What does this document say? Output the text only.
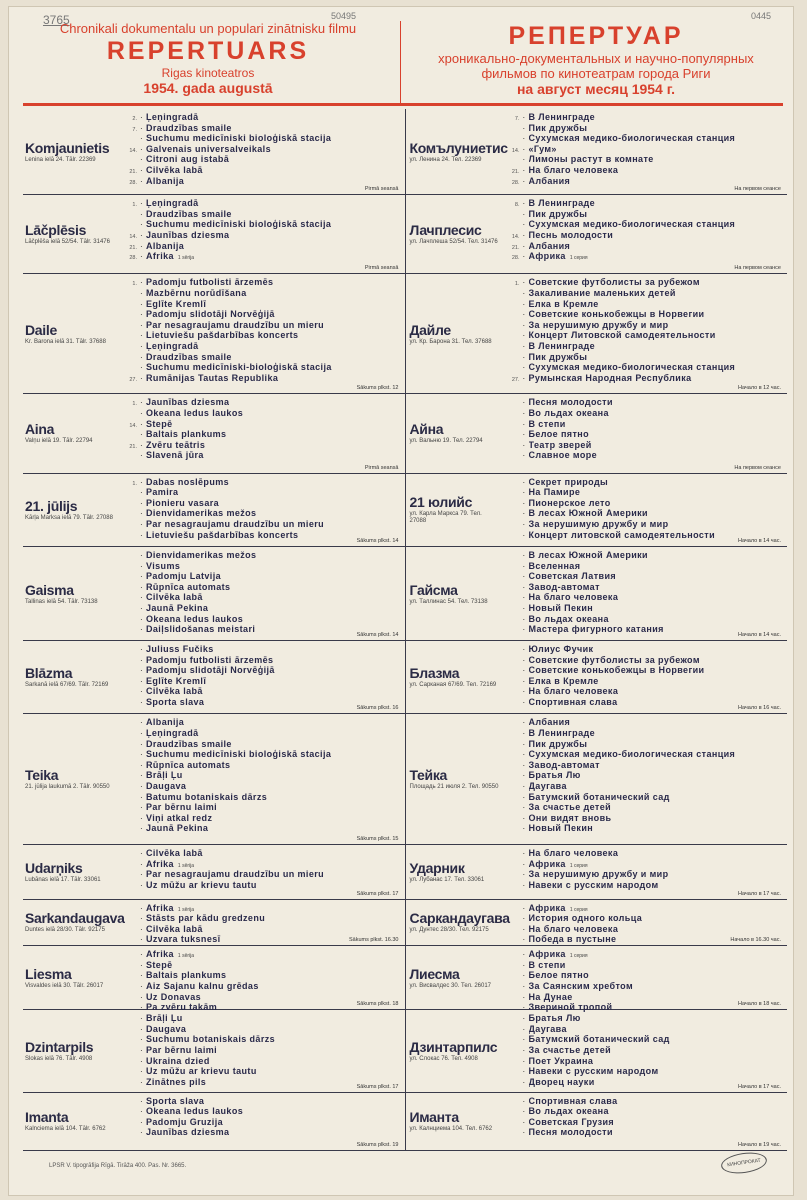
3765	50495	0445
Chronikali dokumentalu un populari zinātnisku filmu
REPERTUARS
Rigas kinoteatros
1954. gada augustā
РЕПЕРТУАР
хроникально-документальных и научно-популярных
фильмов по кинотеатрам города Риги
на август месяц 1954 г.
Komjaunietis
Lenina ielā 24. Tālr. 22369
2. · Ļeņingradā
7. · Draudzības smaile
· Suchumu medicīniski bioloģiskā stacija
14. · Galvenais universalveikals
· Citroni aug istabā
21. · Cilvēka labā
28. · Albanija
Pirmā seansā
Комълуниетис
ул. Ленина 24. Тел. 22369
7. · В Ленинграде
· Пик дружбы
· Сухумская медико-биологическая станция
14. · «Гум»
· Лимоны растут в комнате
21. · На благо человека
28. · Албания
На первом сеансе
Lāčplēsis
Lāčplēša ielā 52/54. Tālr. 31476
1. · Ļeņingradā
· Draudzības smaile
· Suchumu medicīniski bioloģiskā stacija
14. · Jaunības dziesma
21. · Albanija
28. · Afrika 1 sērija
Pirmā seansā
Лачплесис
ул. Лачплеша 52/54. Тел. 31476
8. · В Ленинграде
· Пик дружбы
· Сухумская медико-биологическая станция
14. · Песнь молодости
21. · Албания
28. · Африка 1 серия
На первом сеансе
Daile
Kr. Barona ielā 31. Tālr. 37688
1. · Padomju futbolisti ārzemēs
· Mazbērnu norūdīšana
· Eglīte Kremlī
· Padomju slidotāji Norvēģijā
· Par nesagraujamu draudzību un mieru
· Lietuviešu pašdarbības koncerts
· Ļeņingradā
· Draudzības smaile
· Suchumu medicīniski-bioloģiskā stacija
27. · Rumānijas Tautas Republika
Sākums plkst. 12
Дайле
ул. Кр. Барона 31. Тел. 37688
1. · Советские футболисты за рубежом
· Закаливание маленьких детей
· Елка в Кремле
· Советские конькобежцы в Норвегии
· За нерушимую дружбу и мир
· Концерт Литовской самодеятельности
· В Ленинграде
· Пик дружбы
· Сухумская медико-биологическая станция
27. · Румынская Народная Республика
Начало в 12 час.
Aina
Valņu ielā 19. Tālr. 22794
1. · Jaunības dziesma
· Okeana ledus laukos
14. · Stepē
· Baltais plankums
21. · Zvēru teātris
· Slavenā jūra
Pirmā seansā
Айна
ул. Вальню 19. Тел. 22794
· Песня молодости
· Во льдах океана
· В степи
· Белое пятно
· Театр зверей
· Славное море
На первом сеансе
21. jūlijs
Kārļa Marksa ielā 79. Tālr. 27088
1. · Dabas noslēpums
· Pamira
· Pionieru vasara
· Dienvidamerikas mežos
· Par nesagraujamu draudzību un mieru
· Lietuviešu pašdarbības koncerts
Sākums plkst. 14
21 юлийс
ул. Карла Маркса 79. Тел. 27088
· Секрет природы
· На Памире
· Пионерское лето
· В лесах Южной Америки
· За нерушимую дружбу и мир
· Концерт литовской самодеятельности
Начало в 14 час.
Gaisma
Tallinas ielā 54. Tālr. 73138
· Dienvidamerikas mežos
· Visums
· Padomju Latvija
· Rūpnīca automats
· Cilvēka labā
· Jaunā Pekina
· Okeana ledus laukos
· Daiļslidošanas meistari
Sākums plkst. 14
Гайсма
ул. Таллинас 54. Тел. 73138
· В лесах Южной Америки
· Вселенная
· Советская Латвия
· Завод-автомат
· На благо человека
· Новый Пекин
· Во льдах океана
· Мастера фигурного катания
Начало в 14 час.
Blāzma
Sarkanā ielā 67/69. Tālr. 72169
· Juliuss Fučiks
· Padomju futbolisti ārzemēs
· Padomju slidotāji Norvēģijā
· Eglīte Kremlī
· Cilvēka labā
· Sporta slava
Sākums plkst. 16
Блазма
ул. Сарканая 67/69. Тел. 72169
· Юлиус Фучик
· Советские футболисты за рубежом
· Советские конькобежцы в Норвегии
· Елка в Кремле
· На благо человека
· Спортивная слава
Начало в 16 час.
Teika
21. jūlija laukumā 2. Tālr. 90550
· Albanija
· Ļeņingradā
· Draudzības smaile
· Suchumu medicīniski bioloģiskā stacija
· Rūpnīca automats
· Brāļi Ļu
· Daugava
· Batumu botaniskais dārzs
· Par bērnu laimi
· Viņi atkal redz
· Jaunā Pekina
Sākums plkst. 15
Тейка
Площадь 21 июля 2. Тел. 90550
· Албания
· В Ленинграде
· Пик дружбы
· Сухумская медико-биологическая станция
· Завод-автомат
· Братья Лю
· Даугава
· Батумский ботанический сад
· За счастье детей
· Они видят вновь
· Новый Пекин
Udarņiks
Lubānas ielā 17. Tālr. 33061
· Cilvēka labā
· Afrika 1 sērija
· Par nesagraujamu draudzību un mieru
· Uz mūžu ar krievu tautu
Sākums plkst. 17
Ударник
ул. Лубанас 17. Тел. 33061
· На благо человека
· Африка 1 серия
· За нерушимую дружбу и мир
· Навеки с русским народом
Начало в 17 час.
Sarkandaugava
Duntes ielā 28/30. Tālr. 92175
· Afrika 1 sērija
· Stāsts par kādu gredzenu
· Cilvēka labā
· Uzvara tuksnesī	Sākums plkst. 16.30
Саркандаугава
ул. Дунтес 28/30. Тел. 92175
· Африка 1 серия
· История одного кольца
· На благо человека
· Победа в пустыне	Начало в 16.30 час.
Liesma
Visvaldes ielā 30. Tālr. 26017
· Afrika 1 sērija
· Stepē
· Baltais plankums
· Aiz Sajanu kalnu grēdas
· Uz Donavas
· Pa zvēru takām	Sākums plkst. 18
Лиесма
ул. Висвалдес 30. Тел. 26017
· Африка 1 серия
· В степи
· Белое пятно
· За Саянским хребтом
· На Дунае
· Звериной тропой	Начало в 18 час.
Dzintarpils
Slokas ielā 76. Tālr. 4908
· Brāļi Ļu
· Daugava
· Suchumu botaniskais dārzs
· Par bērnu laimi
· Ukraina dzied
· Uz mūžu ar krievu tautu
· Zinātnes pils	Sākums plkst. 17
Дзинтарпилс
ул. Слокас 76. Тел. 4908
· Братья Лю
· Даугава
· Батумский ботанический сад
· За счастье детей
· Поет Украина
· Навеки с русским народом
· Дворец науки	Начало в 17 час.
Imanta
Kalnciema ielā 104. Tālr. 6762
· Sporta slava
· Okeana ledus laukos
· Padomju Gruzija
· Jaunības dziesma
Sākums plkst. 19
Иманта
ул. Калнциема 104. Тел. 6762
· Спортивная слава
· Во льдах океана
· Советская Грузия
· Песня молодости
Начало в 19 час.
LPSR V. tipogrāfija Rīgā. Tirāža 400. Pas. Nr. 3665.	КИНОПРОКАТ
